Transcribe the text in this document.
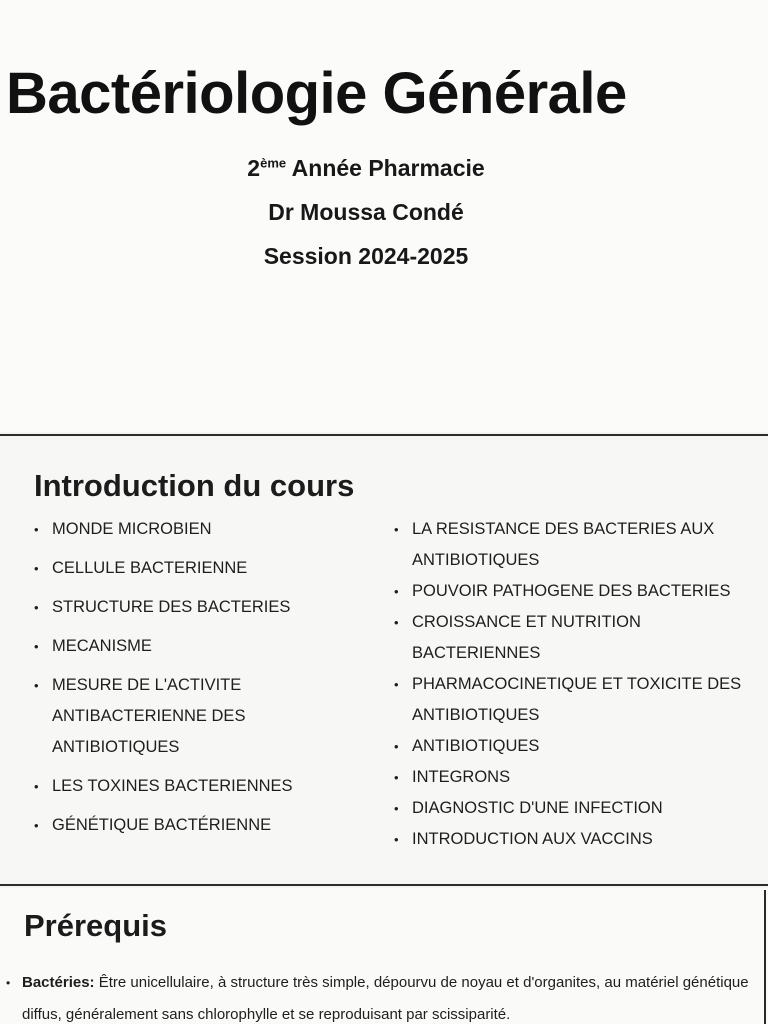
Bactériologie Générale
2ème Année Pharmacie
Dr Moussa Condé
Session 2024-2025
Introduction du cours
• MONDE MICROBIEN
• CELLULE BACTERIENNE
• STRUCTURE DES BACTERIES
• MECANISME
• MESURE DE L'ACTIVITE ANTIBACTERIENNE DES ANTIBIOTIQUES
• LES TOXINES BACTERIENNES
• GÉNÉTIQUE BACTÉRIENNE
• LA RESISTANCE DES BACTERIES AUX ANTIBIOTIQUES
• POUVOIR PATHOGENE DES BACTERIES
• CROISSANCE ET NUTRITION BACTERIENNES
• PHARMACOCINETIQUE ET TOXICITE DES ANTIBIOTIQUES
• ANTIBIOTIQUES
• INTEGRONS
• DIAGNOSTIC D'UNE INFECTION
• INTRODUCTION AUX VACCINS
Prérequis

• Bactéries: Être unicellulaire, à structure très simple, dépourvu de noyau et d'organites, au matériel génétique diffus, généralement sans chlorophylle et se reproduisant par scissiparité.
